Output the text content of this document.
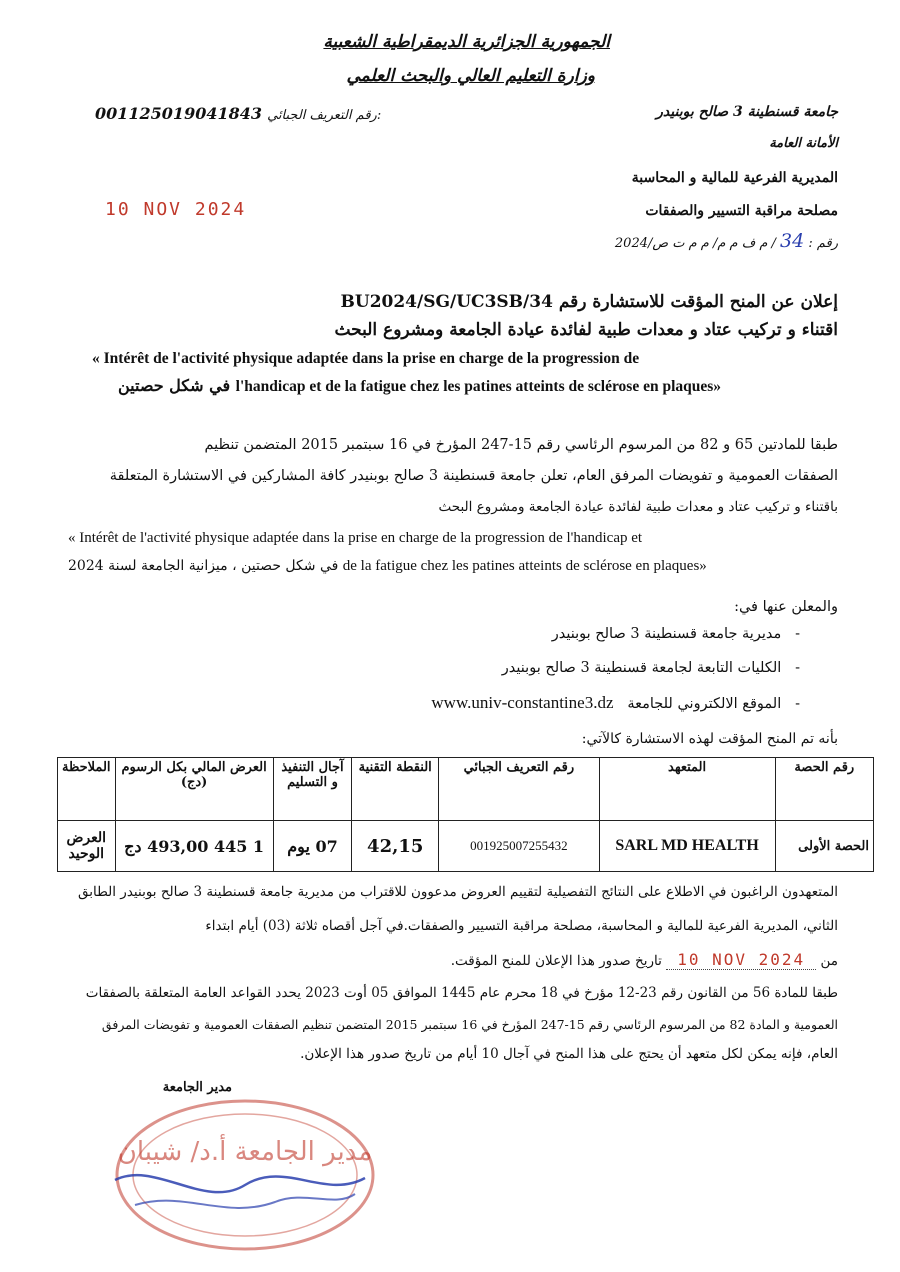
الجمهورية الجزائرية الديمقراطية الشعبية
وزارة التعليم العالي والبحث العلمي
جامعة قسنطينة 3 صالح بوبنيدر
الأمانة العامة
المديرية الفرعية للمالية و المحاسبة
مصلحة مراقبة التسيير والصفقات
رقم : 34 / م ف م م/ م م ت ص/2024
001125019041843 رقم التعريف الجبائي:
10 NOV 2024
إعلان عن المنح المؤقت للاستشارة رقم BU2024/SG/UC3SB/34
اقتناء و تركيب عتاد و معدات طبية لفائدة عيادة الجامعة ومشروع البحث
« Intérêt de l'activité physique adaptée dans la prise en charge de la progression de
في شكل حصتين l'handicap et de la fatigue chez les patines atteints de sclérose en plaques»
طبقا للمادتين 65 و 82 من المرسوم الرئاسي رقم 15-247 المؤرخ في 16 سبتمبر 2015 المتضمن تنظيم
الصفقات العمومية و تفويضات المرفق العام، تعلن جامعة قسنطينة 3 صالح بوبنيدر كافة المشاركين في الاستشارة المتعلقة
باقتناء و تركيب عتاد و معدات طبية لفائدة عيادة الجامعة ومشروع البحث
« Intérêt de l'activité physique adaptée dans la prise en charge de la progression de l'handicap et
في شكل حصتين ، ميزانية الجامعة لسنة 2024 de la fatigue chez les patines atteints de sclérose en plaques»
والمعلن عنها في:
-   مديرية جامعة قسنطينة 3 صالح بوبنيدر
-   الكليات التابعة لجامعة قسنطينة 3 صالح بوبنيدر
-   الموقع الالكتروني للجامعة   www.univ-constantine3.dz
بأنه تم المنح المؤقت لهذه الاستشارة كالآتي:
رقم الحصة	المتعهد	رقم التعريف الجبائي	النقطة التقنية	آجال التنفيذ و التسليم	العرض المالي بكل الرسوم (دج)	الملاحظة
الحصة الأولى	SARL MD HEALTH	001925007255432	42,15	07 يوم	1 445 493,00 دج	العرض الوحيد
المتعهدون الراغبون في الاطلاع على النتائج التفصيلية لتقييم العروض مدعوون للاقتراب من مديرية جامعة قسنطينة 3 صالح بوبنيدر الطابق
الثاني، المديرية الفرعية للمالية و المحاسبة، مصلحة مراقبة التسيير والصفقات.في آجل أقصاه ثلاثة (03) أيام ابتداء
من 10 NOV 2024 تاريخ صدور هذا الإعلان للمنح المؤقت.
طبقا للمادة 56 من القانون رقم 23-12 مؤرخ في 18 محرم عام 1445 الموافق 05 أوت 2023 يحدد القواعد العامة المتعلقة بالصفقات
العمومية و المادة 82 من المرسوم الرئاسي رقم 15-247 المؤرخ في 16 سبتمبر 2015 المتضمن تنظيم الصفقات العمومية و تفويضات المرفق
العام، فإنه يمكن لكل متعهد أن يحتج على هذا المنح في آجال 10 أيام من تاريخ صدور هذا الإعلان.
مدير الجامعة
مدير الجامعة أ.د/ شيبان
